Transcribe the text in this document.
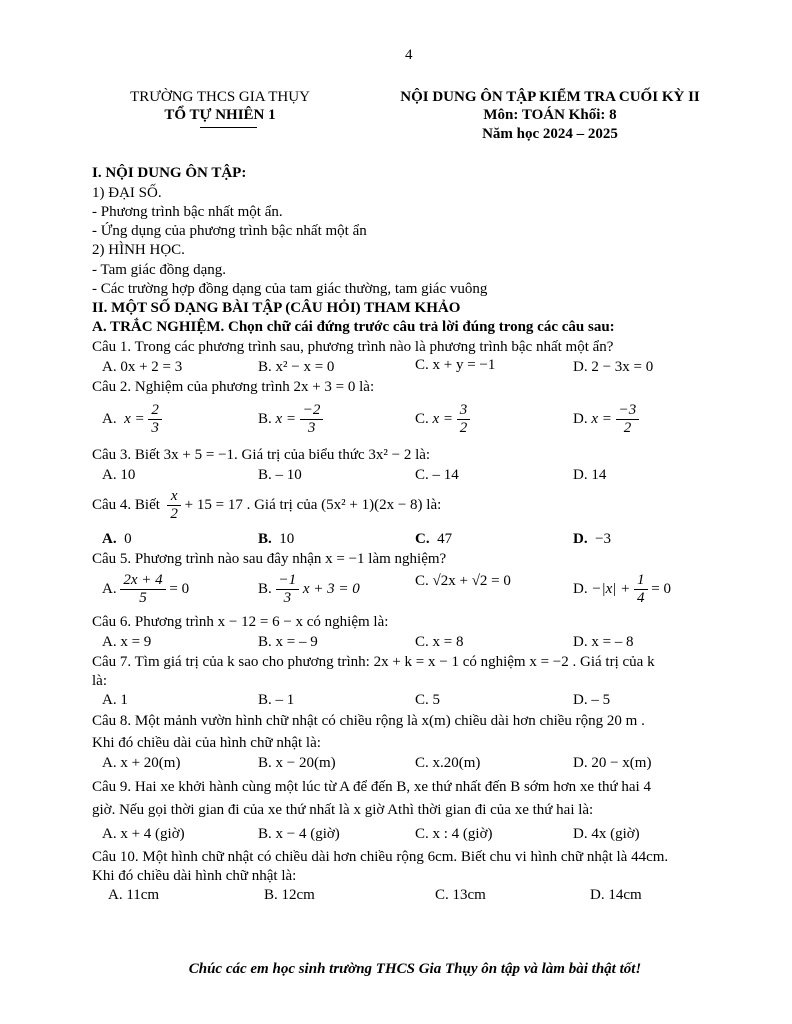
4
TRƯỜNG THCS GIA THỤY
TỔ TỰ NHIÊN 1
NỘI DUNG ÔN TẬP KIỂM TRA CUỐI KỲ II
Môn: TOÁN Khối: 8
Năm học 2024 – 2025
I. NỘI DUNG ÔN TẬP:
1) ĐẠI SỐ.
- Phương trình bậc nhất một ẩn.
- Ứng dụng của phương trình bậc nhất một ẩn
2) HÌNH HỌC.
- Tam giác đồng dạng.
- Các trường hợp đồng dạng của tam giác thường, tam giác vuông
II. MỘT SỐ DẠNG BÀI TẬP (CÂU HỎI) THAM KHẢO
A. TRẮC NGHIỆM. Chọn chữ cái đứng trước câu trả lời đúng trong các câu sau:
Câu 1. Trong các phương trình sau, phương trình nào là phương trình bậc nhất một ẩn?
A. 0x + 2 = 3	B. x² − x = 0	C. x + y = −1	D. 2 − 3x = 0
Câu 2. Nghiệm của phương trình 2x + 3 = 0 là:
A. $x = \frac{2}{3}$	B. $x = \frac{-2}{3}$	C. $x = \frac{3}{2}$	D. $x = \frac{-3}{2}$
Câu 3. Biết 3x + 5 = −1. Giá trị của biểu thức 3x² − 2 là:
A. 10	B. – 10	C. – 14	D. 14
Câu 4. Biết $\frac{x}{2} + 15 = 17$ . Giá trị của (5x² + 1)(2x − 8) là:
A. 0	B. 10	C. 47	D. −3
Câu 5. Phương trình nào sau đây nhận x = −1 làm nghiệm?
A. $\frac{2x + 4}{5} = 0$	B. $\frac{-1}{3}$ x + 3 = 0	C. √2x + √2 = 0	D. $-|x| + \frac{1}{4} = 0$
Câu 6. Phương trình x − 12 = 6 − x có nghiệm là:
A. x = 9	B. x = – 9	C. x = 8	D. x = – 8
Câu 7. Tìm giá trị của k sao cho phương trình: 2x + k = x − 1 có nghiệm x = −2 . Giá trị của k
là:
A. 1	B. – 1	C. 5	D. – 5
Câu 8. Một mảnh vườn hình chữ nhật có chiều rộng là x(m) chiều dài hơn chiều rộng 20 m .
Khi đó chiều dài của hình chữ nhật là:
A. x + 20(m)	B. x − 20(m)	C. x.20(m)	D. 20 − x(m)
Câu 9. Hai xe khởi hành cùng một lúc từ A để đến B, xe thứ nhất đến B sớm hơn xe thứ hai 4
giờ. Nếu gọi thời gian đi của xe thứ nhất là x giờ Athì thời gian đi của xe thứ hai là:
A. x + 4 (giờ)	B. x − 4 (giờ)	C. x : 4 (giờ)	D. 4x (giờ)
Câu 10. Một hình chữ nhật có chiều dài hơn chiều rộng 6cm. Biết chu vi hình chữ nhật là 44cm.
Khi đó chiều dài hình chữ nhật là:
A. 11cm	B. 12cm	C. 13cm	D. 14cm
Chúc các em học sinh trường THCS Gia Thụy ôn tập và làm bài thật tốt!
